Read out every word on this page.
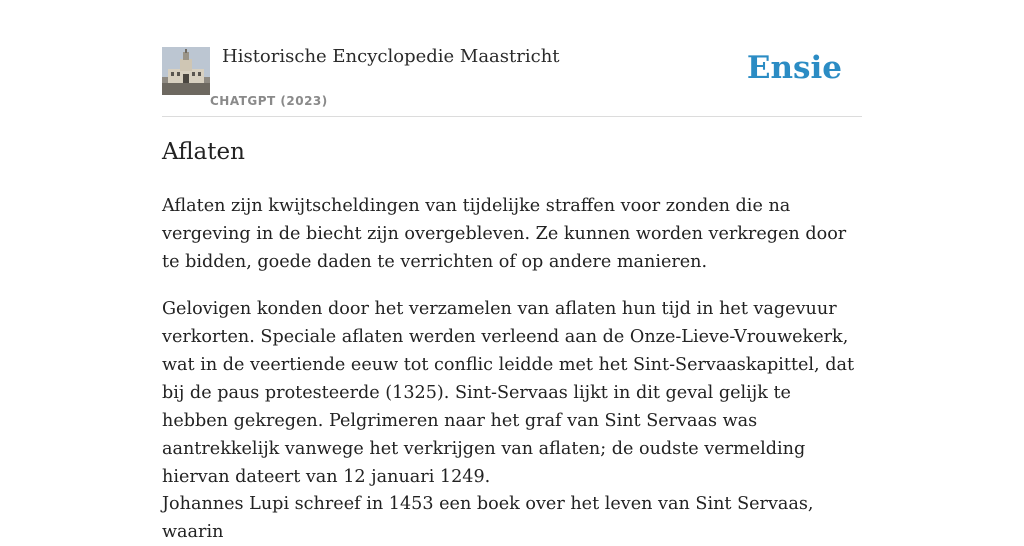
Historische Encyclopedie Maastricht
CHATGPT (2023)
Ensie
Aflaten

Aflaten zijn kwijtscheldingen van tijdelijke straffen voor zonden die na vergeving in de biecht zijn overgebleven. Ze kunnen worden verkregen door te bidden, goede daden te verrichten of op andere manieren.

Gelovigen konden door het verzamelen van aflaten hun tijd in het vagevuur verkorten. Speciale aflaten werden verleend aan de Onze-Lieve-Vrouwekerk, wat in de veertiende eeuw tot conflic leidde met het Sint-Servaaskapittel, dat bij de paus protesteerde (1325). Sint-Servaas lijkt in dit geval gelijk te hebben gekregen. Pelgrimeren naar het graf van Sint Servaas was aantrekkelijk vanwege het verkrijgen van aflaten; de oudste vermelding hiervan dateert van 12 januari 1249.

Johannes Lupi schreef in 1453 een boek over het leven van Sint Servaas, waarin
